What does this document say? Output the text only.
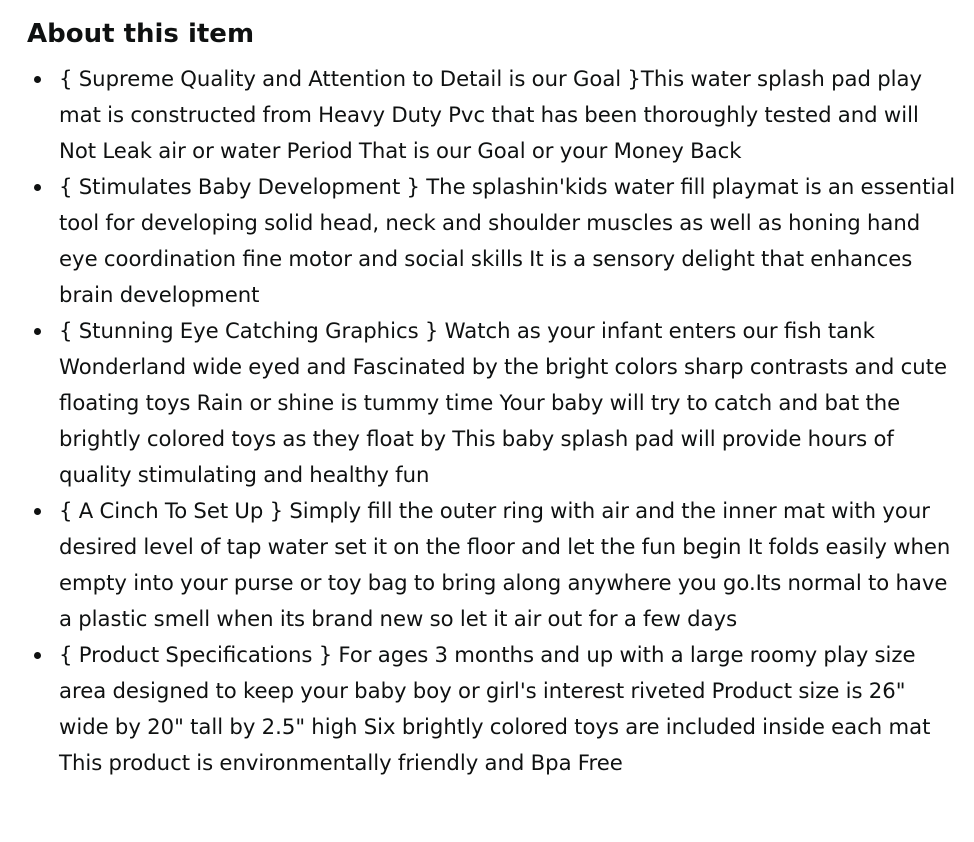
About this item
{ Supreme Quality and Attention to Detail is our Goal }This water splash pad play mat is constructed from Heavy Duty Pvc that has been thoroughly tested and will Not Leak air or water Period That is our Goal or your Money Back
{ Stimulates Baby Development } The splashin'kids water fill playmat is an essential tool for developing solid head, neck and shoulder muscles as well as honing hand eye coordination fine motor and social skills It is a sensory delight that enhances brain development
{ Stunning Eye Catching Graphics } Watch as your infant enters our fish tank Wonderland wide eyed and Fascinated by the bright colors sharp contrasts and cute floating toys Rain or shine is tummy time Your baby will try to catch and bat the brightly colored toys as they float by This baby splash pad will provide hours of quality stimulating and healthy fun
{ A Cinch To Set Up } Simply fill the outer ring with air and the inner mat with your desired level of tap water set it on the floor and let the fun begin It folds easily when empty into your purse or toy bag to bring along anywhere you go.Its normal to have a plastic smell when its brand new so let it air out for a few days
{ Product Specifications } For ages 3 months and up with a large roomy play size area designed to keep your baby boy or girl's interest riveted Product size is 26" wide by 20" tall by 2.5" high Six brightly colored toys are included inside each mat This product is environmentally friendly and Bpa Free
